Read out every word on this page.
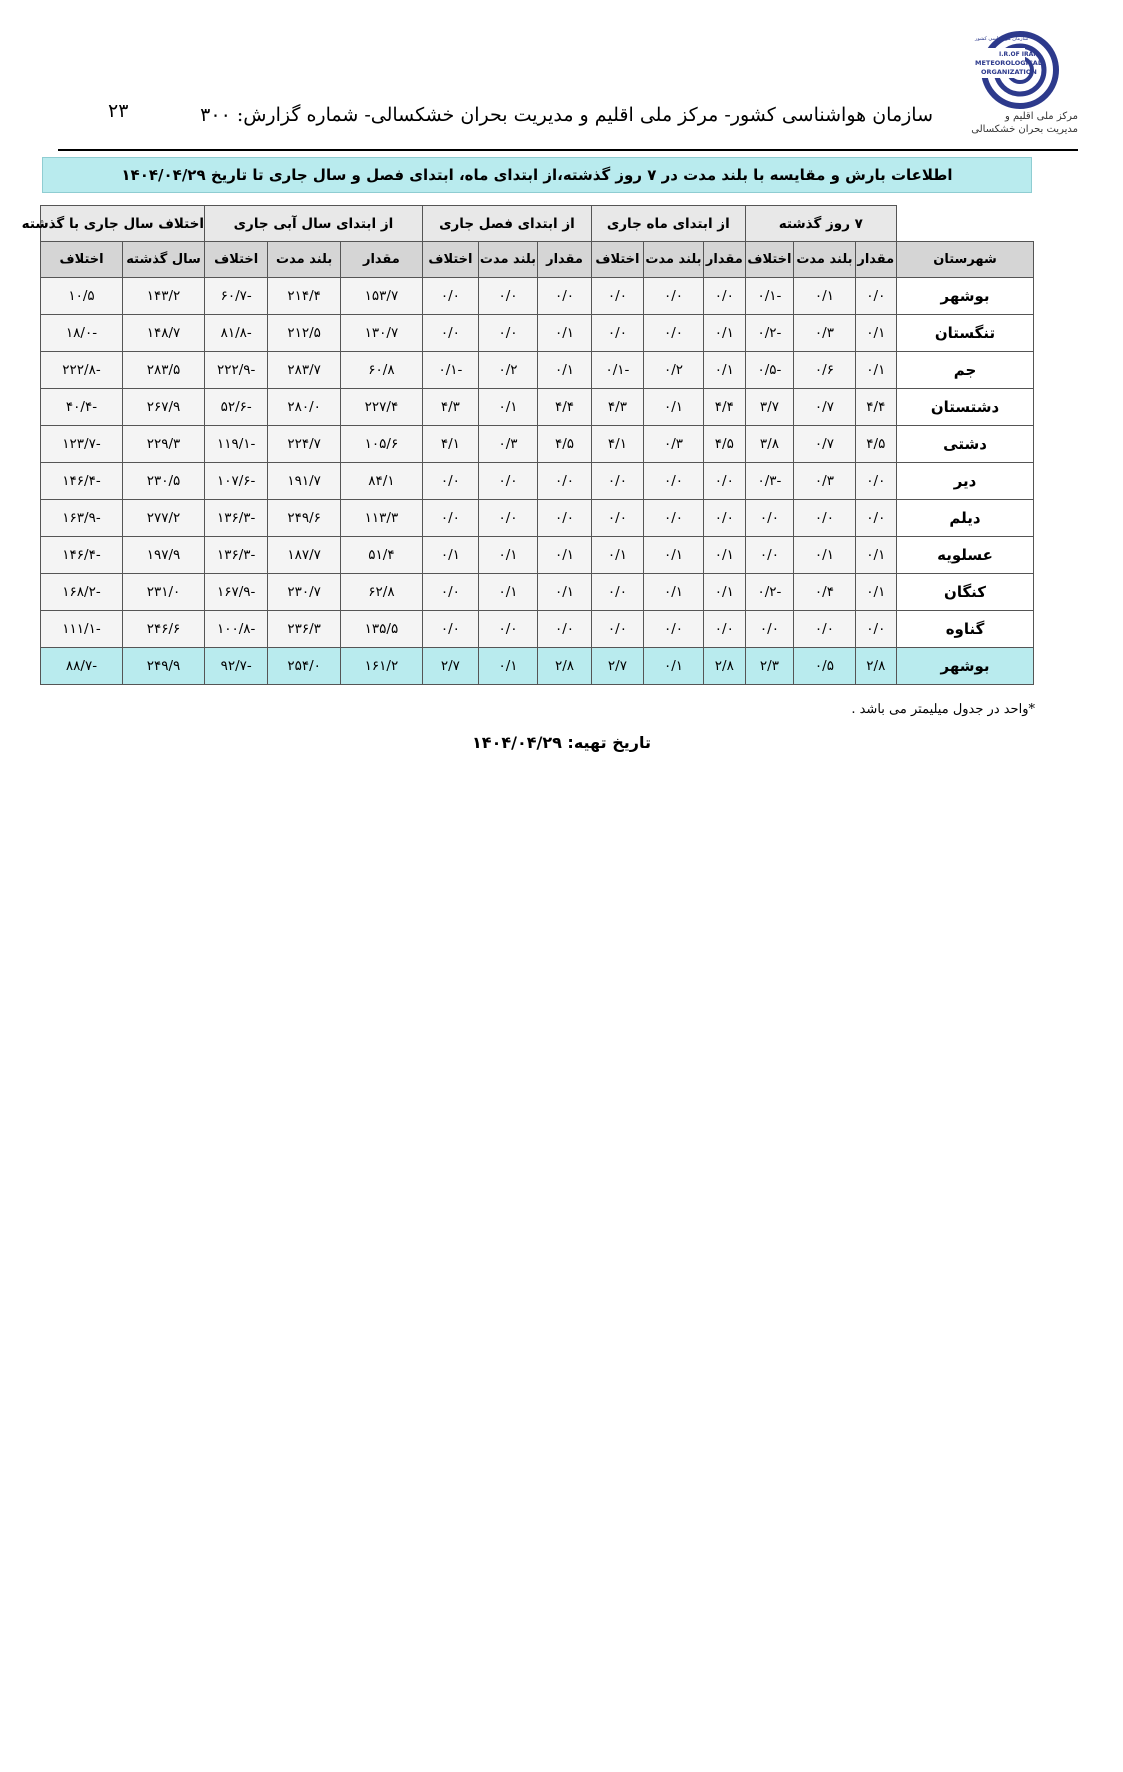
۲۳	سازمان هواشناسی کشور- مرکز ملی اقلیم و مدیریت بحران خشکسالی- شماره گزارش: ۳۰۰
سازمان هواشناسی کشور
I.R.OF IRAN
METEOROLOGICAL
ORGANIZATION
مرکز ملی اقلیم و
مدیریت بحران خشکسالی
اطلاعات بارش و مقایسه با بلند مدت در ۷ روز گذشته،از ابتدای ماه، ابتدای فصل و سال جاری تا تاریخ ۱۴۰۴/۰۴/۲۹
	۷ روز گذشته			از ابتدای ماه جاری			از ابتدای فصل جاری			از ابتدای سال آبی جاری			اختلاف سال جاری با گذشته	
شهرستان	مقدار	بلند مدت	اختلاف	مقدار	بلند مدت	اختلاف	مقدار	بلند مدت	اختلاف	مقدار	بلند مدت	اختلاف	سال گذشته	اختلاف
بوشهر	۰/۰	۰/۱	-۰/۱	۰/۰	۰/۰	۰/۰	۰/۰	۰/۰	۰/۰	۱۵۳/۷	۲۱۴/۴	-۶۰/۷	۱۴۳/۲	۱۰/۵
تنگستان	۰/۱	۰/۳	-۰/۲	۰/۱	۰/۰	۰/۰	۰/۱	۰/۰	۰/۰	۱۳۰/۷	۲۱۲/۵	-۸۱/۸	۱۴۸/۷	-۱۸/۰
جم	۰/۱	۰/۶	-۰/۵	۰/۱	۰/۲	-۰/۱	۰/۱	۰/۲	-۰/۱	۶۰/۸	۲۸۳/۷	-۲۲۲/۹	۲۸۳/۵	-۲۲۲/۸
دشتستان	۴/۴	۰/۷	۳/۷	۴/۴	۰/۱	۴/۳	۴/۴	۰/۱	۴/۳	۲۲۷/۴	۲۸۰/۰	-۵۲/۶	۲۶۷/۹	-۴۰/۴
دشتی	۴/۵	۰/۷	۳/۸	۴/۵	۰/۳	۴/۱	۴/۵	۰/۳	۴/۱	۱۰۵/۶	۲۲۴/۷	-۱۱۹/۱	۲۲۹/۳	-۱۲۳/۷
دیر	۰/۰	۰/۳	-۰/۳	۰/۰	۰/۰	۰/۰	۰/۰	۰/۰	۰/۰	۸۴/۱	۱۹۱/۷	-۱۰۷/۶	۲۳۰/۵	-۱۴۶/۴
دیلم	۰/۰	۰/۰	۰/۰	۰/۰	۰/۰	۰/۰	۰/۰	۰/۰	۰/۰	۱۱۳/۳	۲۴۹/۶	-۱۳۶/۳	۲۷۷/۲	-۱۶۳/۹
عسلویه	۰/۱	۰/۱	۰/۰	۰/۱	۰/۱	۰/۱	۰/۱	۰/۱	۰/۱	۵۱/۴	۱۸۷/۷	-۱۳۶/۳	۱۹۷/۹	-۱۴۶/۴
کنگان	۰/۱	۰/۴	-۰/۲	۰/۱	۰/۱	۰/۰	۰/۱	۰/۱	۰/۰	۶۲/۸	۲۳۰/۷	-۱۶۷/۹	۲۳۱/۰	-۱۶۸/۲
گناوه	۰/۰	۰/۰	۰/۰	۰/۰	۰/۰	۰/۰	۰/۰	۰/۰	۰/۰	۱۳۵/۵	۲۳۶/۳	-۱۰۰/۸	۲۴۶/۶	-۱۱۱/۱
بوشهر	۲/۸	۰/۵	۲/۳	۲/۸	۰/۱	۲/۷	۲/۸	۰/۱	۲/۷	۱۶۱/۲	۲۵۴/۰	-۹۲/۷	۲۴۹/۹	-۸۸/۷
*واحد در جدول میلیمتر می باشد .
تاریخ تهیه: ۱۴۰۴/۰۴/۲۹
